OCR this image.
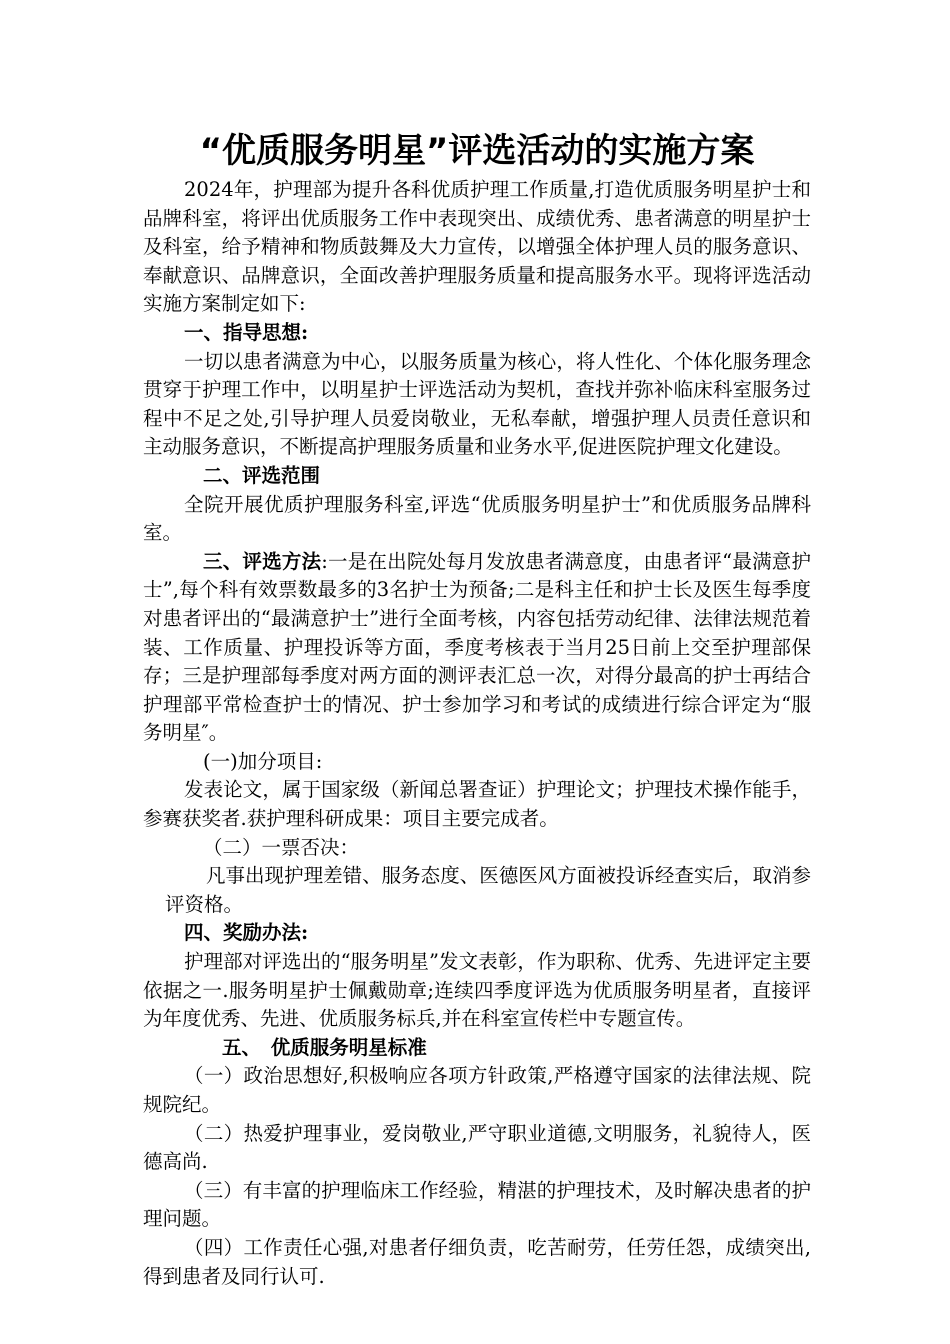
“优质服务明星”评选活动的实施方案

2024年，护理部为提升各科优质护理工作质量,打造优质服务明星护士和品牌科室，将评出优质服务工作中表现突出、成绩优秀、患者满意的明星护士及科室，给予精神和物质鼓舞及大力宣传，以增强全体护理人员的服务意识、奉献意识、品牌意识，全面改善护理服务质量和提高服务水平。现将评选活动实施方案制定如下:

一、指导思想:

一切以患者满意为中心，以服务质量为核心，将人性化、个体化服务理念贯穿于护理工作中，以明星护士评选活动为契机，查找并弥补临床科室服务过程中不足之处,引导护理人员爱岗敬业，无私奉献，增强护理人员责任意识和主动服务意识，不断提高护理服务质量和业务水平,促进医院护理文化建设。

二、评选范围

全院开展优质护理服务科室,评选“优质服务明星护士”和优质服务品牌科室。

三、评选方法:一是在出院处每月发放患者满意度，由患者评“最满意护士”,每个科有效票数最多的3名护士为预备;二是科主任和护士长及医生每季度对患者评出的“最满意护士”进行全面考核，内容包括劳动纪律、法律法规范着装、工作质量、护理投诉等方面，季度考核表于当月25日前上交至护理部保存；三是护理部每季度对两方面的测评表汇总一次，对得分最高的护士再结合护理部平常检查护士的情况、护士参加学习和考试的成绩进行综合评定为“服务明星″。

(一)加分项目:

发表论文，属于国家级（新闻总署查证）护理论文；护理技术操作能手，参赛获奖者.获护理科研成果：项目主要完成者。

（二）一票否决：

凡事出现护理差错、服务态度、医德医风方面被投诉经查实后，取消参评资格。

四、奖励办法:

护理部对评选出的“服务明星”发文表彰，作为职称、优秀、先进评定主要依据之一.服务明星护士佩戴勋章;连续四季度评选为优质服务明星者，直接评为年度优秀、先进、优质服务标兵,并在科室宣传栏中专题宣传。

五、　优质服务明星标准

（一）政治思想好,积极响应各项方针政策,严格遵守国家的法律法规、院规院纪。

（二）热爱护理事业，爱岗敬业,严守职业道德,文明服务，礼貌待人，医德高尚.

（三）有丰富的护理临床工作经验，精湛的护理技术，及时解决患者的护理问题。

（四）工作责任心强,对患者仔细负责，吃苦耐劳，任劳任怨，成绩突出,得到患者及同行认可.
